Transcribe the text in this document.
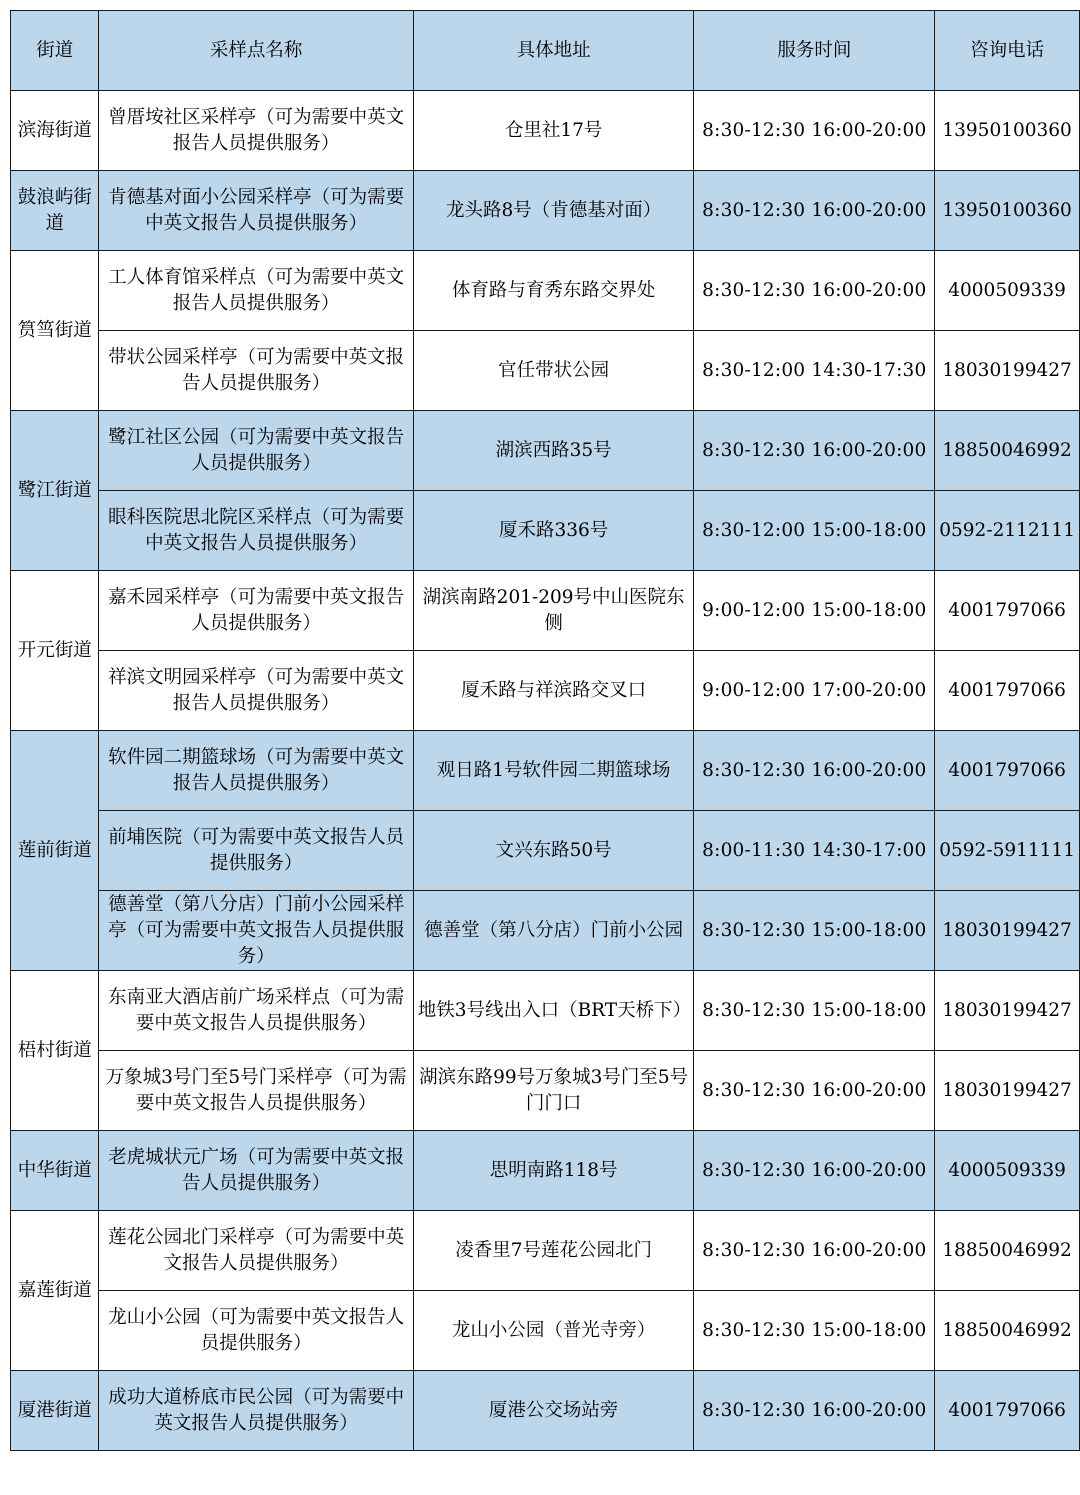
街道	采样点名称	具体地址	服务时间	咨询电话
滨海街道	曾厝垵社区采样亭（可为需要中英文报告人员提供服务）	仓里社17号	8:30-12:30 16:00-20:00	13950100360
鼓浪屿街道	肯德基对面小公园采样亭（可为需要中英文报告人员提供服务）	龙头路8号（肯德基对面）	8:30-12:30 16:00-20:00	13950100360
筼筜街道	工人体育馆采样点（可为需要中英文报告人员提供服务）	体育路与育秀东路交界处	8:30-12:30 16:00-20:00	4000509339
	带状公园采样亭（可为需要中英文报告人员提供服务）	官任带状公园	8:30-12:00 14:30-17:30	18030199427
鹭江街道	鹭江社区公园（可为需要中英文报告人员提供服务）	湖滨西路35号	8:30-12:30 16:00-20:00	18850046992
	眼科医院思北院区采样点（可为需要中英文报告人员提供服务）	厦禾路336号	8:30-12:00 15:00-18:00	0592-2112111
开元街道	嘉禾园采样亭（可为需要中英文报告人员提供服务）	湖滨南路201-209号中山医院东侧	9:00-12:00 15:00-18:00	4001797066
	祥滨文明园采样亭（可为需要中英文报告人员提供服务）	厦禾路与祥滨路交叉口	9:00-12:00 17:00-20:00	4001797066
莲前街道	软件园二期篮球场（可为需要中英文报告人员提供服务）	观日路1号软件园二期篮球场	8:30-12:30 16:00-20:00	4001797066
	前埔医院（可为需要中英文报告人员提供服务）	文兴东路50号	8:00-11:30 14:30-17:00	0592-5911111
	德善堂（第八分店）门前小公园采样亭（可为需要中英文报告人员提供服务）	德善堂（第八分店）门前小公园	8:30-12:30 15:00-18:00	18030199427
梧村街道	东南亚大酒店前广场采样点（可为需要中英文报告人员提供服务）	地铁3号线出入口（BRT天桥下）	8:30-12:30 15:00-18:00	18030199427
	万象城3号门至5号门采样亭（可为需要中英文报告人员提供服务）	湖滨东路99号万象城3号门至5号门门口	8:30-12:30 16:00-20:00	18030199427
中华街道	老虎城状元广场（可为需要中英文报告人员提供服务）	思明南路118号	8:30-12:30 16:00-20:00	4000509339
嘉莲街道	莲花公园北门采样亭（可为需要中英文报告人员提供服务）	凌香里7号莲花公园北门	8:30-12:30 16:00-20:00	18850046992
	龙山小公园（可为需要中英文报告人员提供服务）	龙山小公园（普光寺旁）	8:30-12:30 15:00-18:00	18850046992
厦港街道	成功大道桥底市民公园（可为需要中英文报告人员提供服务）	厦港公交场站旁	8:30-12:30 16:00-20:00	4001797066
